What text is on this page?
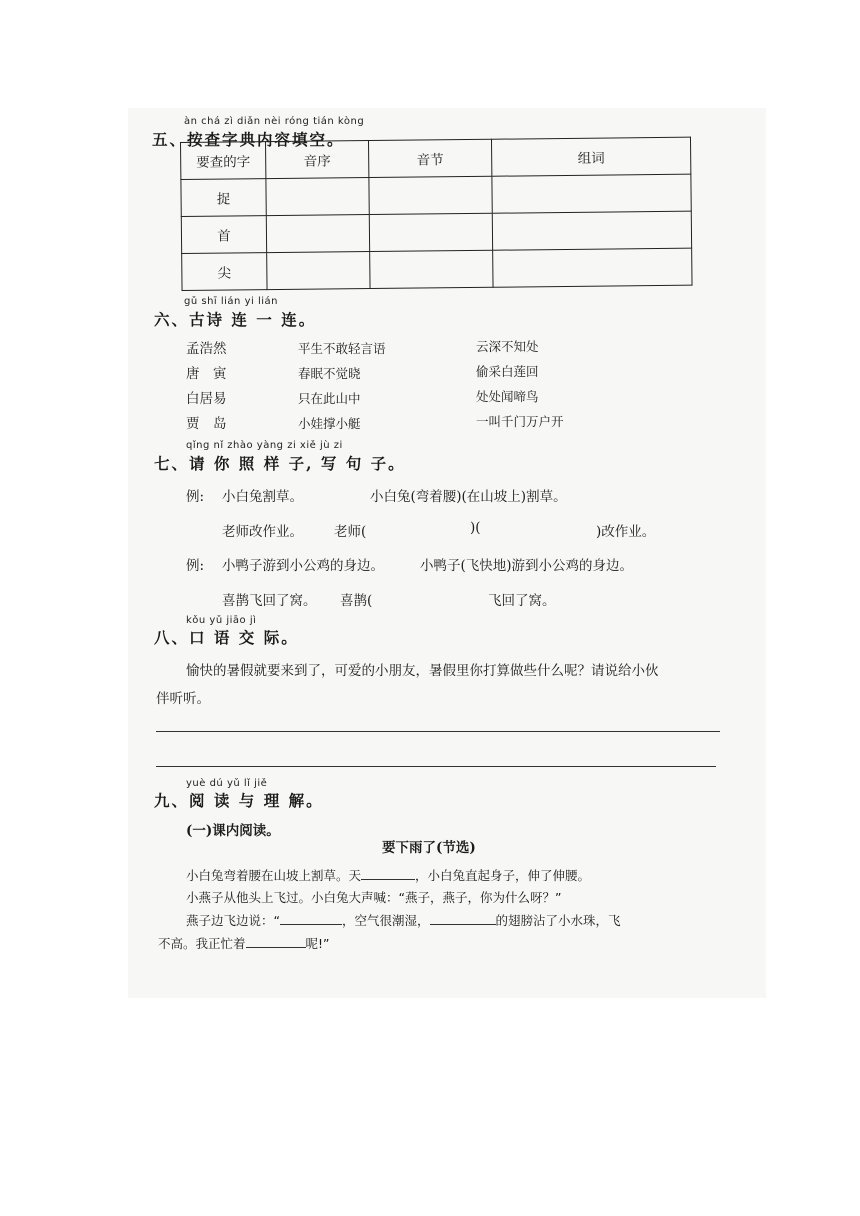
àn chá zì diǎn nèi róng tián kòng
五、按查字典内容填空。
要查的字	音序	音节	组词
捉			
首			
尖			
gǔ shī lián yi lián
六、古诗 连 一 连。
孟浩然
唐　寅
白居易
贾　岛
平生不敢轻言语
春眠不觉晓
只在此山中
小娃撑小艇
云深不知处
偷采白莲回
处处闻啼鸟
一叫千门万户开
qǐng nǐ zhào yàng zi xiě jù zi
七、请 你 照 样 子, 写 句 子。
例: 小白兔割草。	小白兔(弯着腰)(在山坡上)割草。
老师改作业。 老师(	)(	)改作业。
例: 小鸭子游到小公鸡的身边。	小鸭子(飞快地)游到小公鸡的身边。
喜鹊飞回了窝。 喜鹊(	飞回了窝。
kǒu yǔ jiāo jì
八、口 语 交 际。
愉快的暑假就要来到了，可爱的小朋友，暑假里你打算做些什么呢？请说给小伙
伴听听。
yuè dú yǔ lǐ jiě
九、阅 读 与 理 解。
(一)课内阅读。
要下雨了(节选)
小白兔弯着腰在山坡上割草。天	，小白兔直起身子，伸了伸腰。
小燕子从他头上飞过。小白兔大声喊：“燕子，燕子，你为什么呀？”
燕子边飞边说：“	，空气很潮湿，	的翅膀沾了小水珠，飞
不高。我正忙着	呢!”
